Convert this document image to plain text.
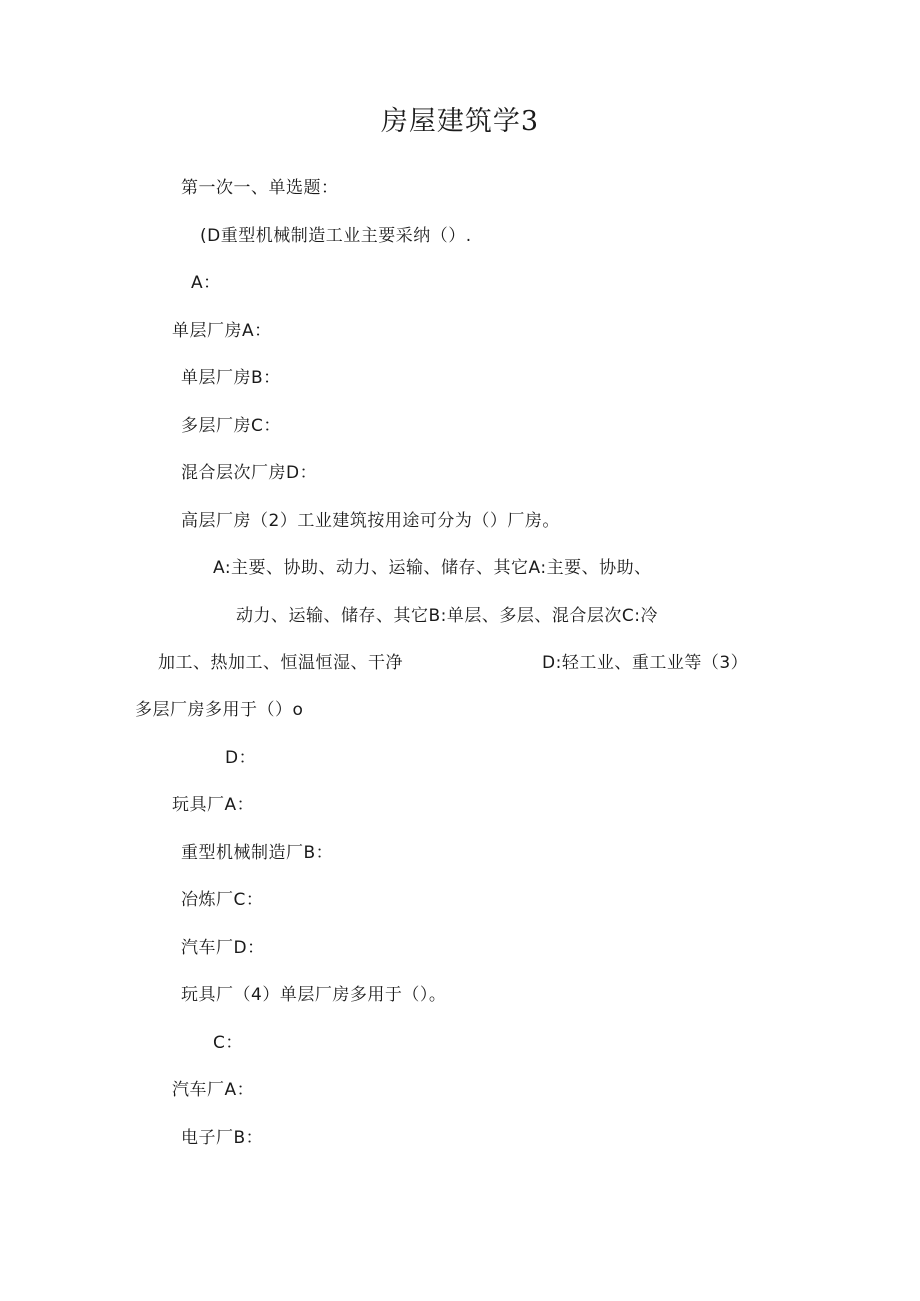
房屋建筑学3
第一次一、单选题：
(D重型机械制造工业主要采纳（）.
A：
单层厂房A：
单层厂房B：
多层厂房C：
混合层次厂房D：
高层厂房（2）工业建筑按用途可分为（）厂房。
A:主要、协助、动力、运输、储存、其它A:主要、协助、
动力、运输、储存、其它B:单层、多层、混合层次C:冷
加工、热加工、恒温恒湿、干净	D:轻工业、重工业等（3）
多层厂房多用于（）o
D：
玩具厂A：
重型机械制造厂B：
冶炼厂C：
汽车厂D：
玩具厂（4）单层厂房多用于（）。
C：
汽车厂A：
电子厂B：
